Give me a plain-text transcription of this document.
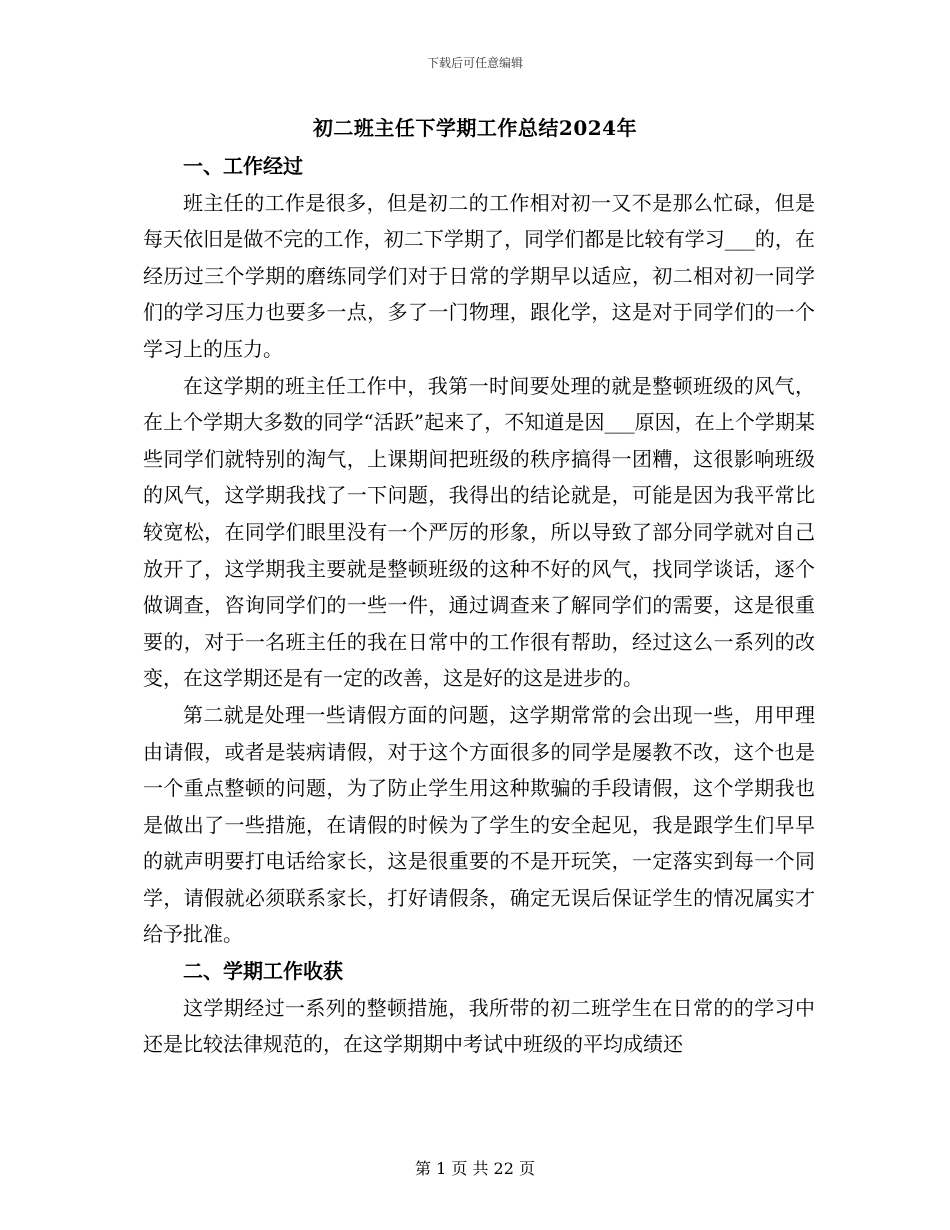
下载后可任意编辑
初二班主任下学期工作总结2024年
一、工作经过

班主任的工作是很多，但是初二的工作相对初一又不是那么忙碌，但是每天依旧是做不完的工作，初二下学期了，同学们都是比较有学习___的，在经历过三个学期的磨练同学们对于日常的学期早以适应，初二相对初一同学们的学习压力也要多一点，多了一门物理，跟化学，这是对于同学们的一个学习上的压力。

在这学期的班主任工作中，我第一时间要处理的就是整顿班级的风气，在上个学期大多数的同学“活跃”起来了，不知道是因___原因，在上个学期某些同学们就特别的淘气，上课期间把班级的秩序搞得一团糟，这很影响班级的风气，这学期我找了一下问题，我得出的结论就是，可能是因为我平常比较宽松，在同学们眼里没有一个严厉的形象，所以导致了部分同学就对自己放开了，这学期我主要就是整顿班级的这种不好的风气，找同学谈话，逐个做调查，咨询同学们的一些一件，通过调查来了解同学们的需要，这是很重要的，对于一名班主任的我在日常中的工作很有帮助，经过这么一系列的改变，在这学期还是有一定的改善，这是好的这是进步的。

第二就是处理一些请假方面的问题，这学期常常的会出现一些，用甲理由请假，或者是装病请假，对于这个方面很多的同学是屡教不改，这个也是一个重点整顿的问题，为了防止学生用这种欺骗的手段请假，这个学期我也是做出了一些措施，在请假的时候为了学生的安全起见，我是跟学生们早早的就声明要打电话给家长，这是很重要的不是开玩笑，一定落实到每一个同学，请假就必须联系家长，打好请假条，确定无误后保证学生的情况属实才给予批准。

二、学期工作收获

这学期经过一系列的整顿措施，我所带的初二班学生在日常的的学习中还是比较法律规范的，在这学期期中考试中班级的平均成绩还

第 1 页 共 22 页
